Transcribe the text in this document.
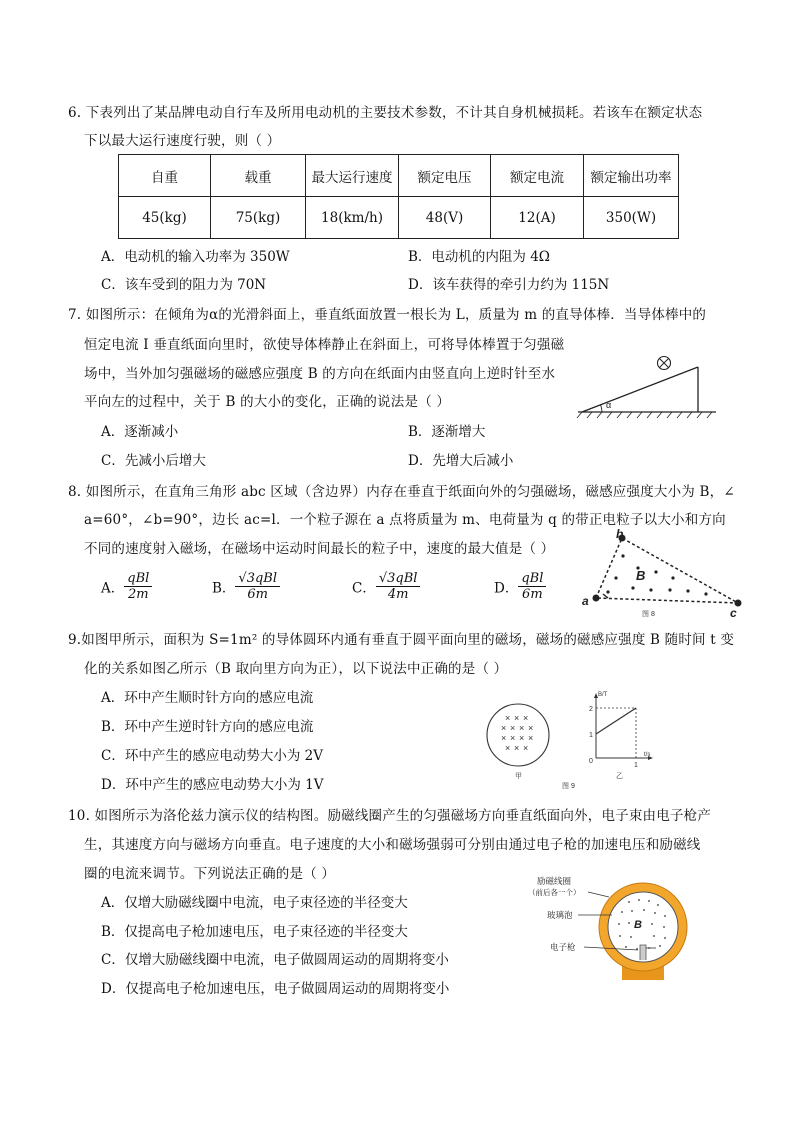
6. 下表列出了某品牌电动自行车及所用电动机的主要技术参数，不计其自身机械损耗。若该车在额定状态
下以最大运行速度行驶，则（ ）
自重	载重	最大运行速度	额定电压	额定电流	额定输出功率
45(kg)	75(kg)	18(km/h)	48(V)	12(A)	350(W)
A．电动机的输入功率为 350W	B．电动机的内阻为 4Ω
C．该车受到的阻力为 70N	D．该车获得的牵引力约为 115N
7. 如图所示：在倾角为α的光滑斜面上，垂直纸面放置一根长为 L，质量为 m 的直导体棒．当导体棒中的
恒定电流 I 垂直纸面向里时，欲使导体棒静止在斜面上，可将导体棒置于匀强磁
场中，当外加匀强磁场的磁感应强度 B 的方向在纸面内由竖直向上逆时针至水
平向左的过程中，关于 B 的大小的变化，正确的说法是（ ）
A．逐渐减小	B．逐渐增大
C．先减小后增大	D．先增大后减小
α
8. 如图所示，在直角三角形 abc 区域（含边界）内存在垂直于纸面向外的匀强磁场，磁感应强度大小为 B，∠
a=60°，∠b=90°，边长 ac=l．一个粒子源在 a 点将质量为 m、电荷量为 q 的带正电粒子以大小和方向
不同的速度射入磁场，在磁场中运动时间最长的粒子中，速度的最大值是（ ）
A． $\frac{\text{qBl}}{2m}$	B． $\frac{\text{√3qBl}}{6m}$	C． $\frac{\text{√3qBl}}{4m}$	D． $\frac{\text{qBl}}{6m}$	a
b
c
B
图 8
9.如图甲所示，面积为 S=1m² 的导体圆环内通有垂直于圆平面向里的磁场，磁场的磁感应强度 B 随时间 t 变
化的关系如图乙所示（B 取向里方向为正），以下说法中正确的是（ ）
A．环中产生顺时针方向的感应电流
B．环中产生逆时针方向的感应电流
C．环中产生的感应电动势大小为 2V
D．环中产生的感应电动势大小为 1V
× × ×
× × × ×
× × × ×
× × ×
甲
B/T
t/s
2
1
0
1
乙
图 9
10. 如图所示为洛伦兹力演示仪的结构图。励磁线圈产生的匀强磁场方向垂直纸面向外，电子束由电子枪产
生，其速度方向与磁场方向垂直。电子速度的大小和磁场强弱可分别由通过电子枪的加速电压和励磁线
圈的电流来调节。下列说法正确的是（ ）
A．仅增大励磁线圈中电流，电子束径迹的半径变大
B．仅提高电子枪加速电压，电子束径迹的半径变大
C．仅增大励磁线圈中电流，电子做圆周运动的周期将变小
D．仅提高电子枪加速电压，电子做圆周运动的周期将变小
B
励磁线圈
（前后各一个）
玻璃泡
电子枪
